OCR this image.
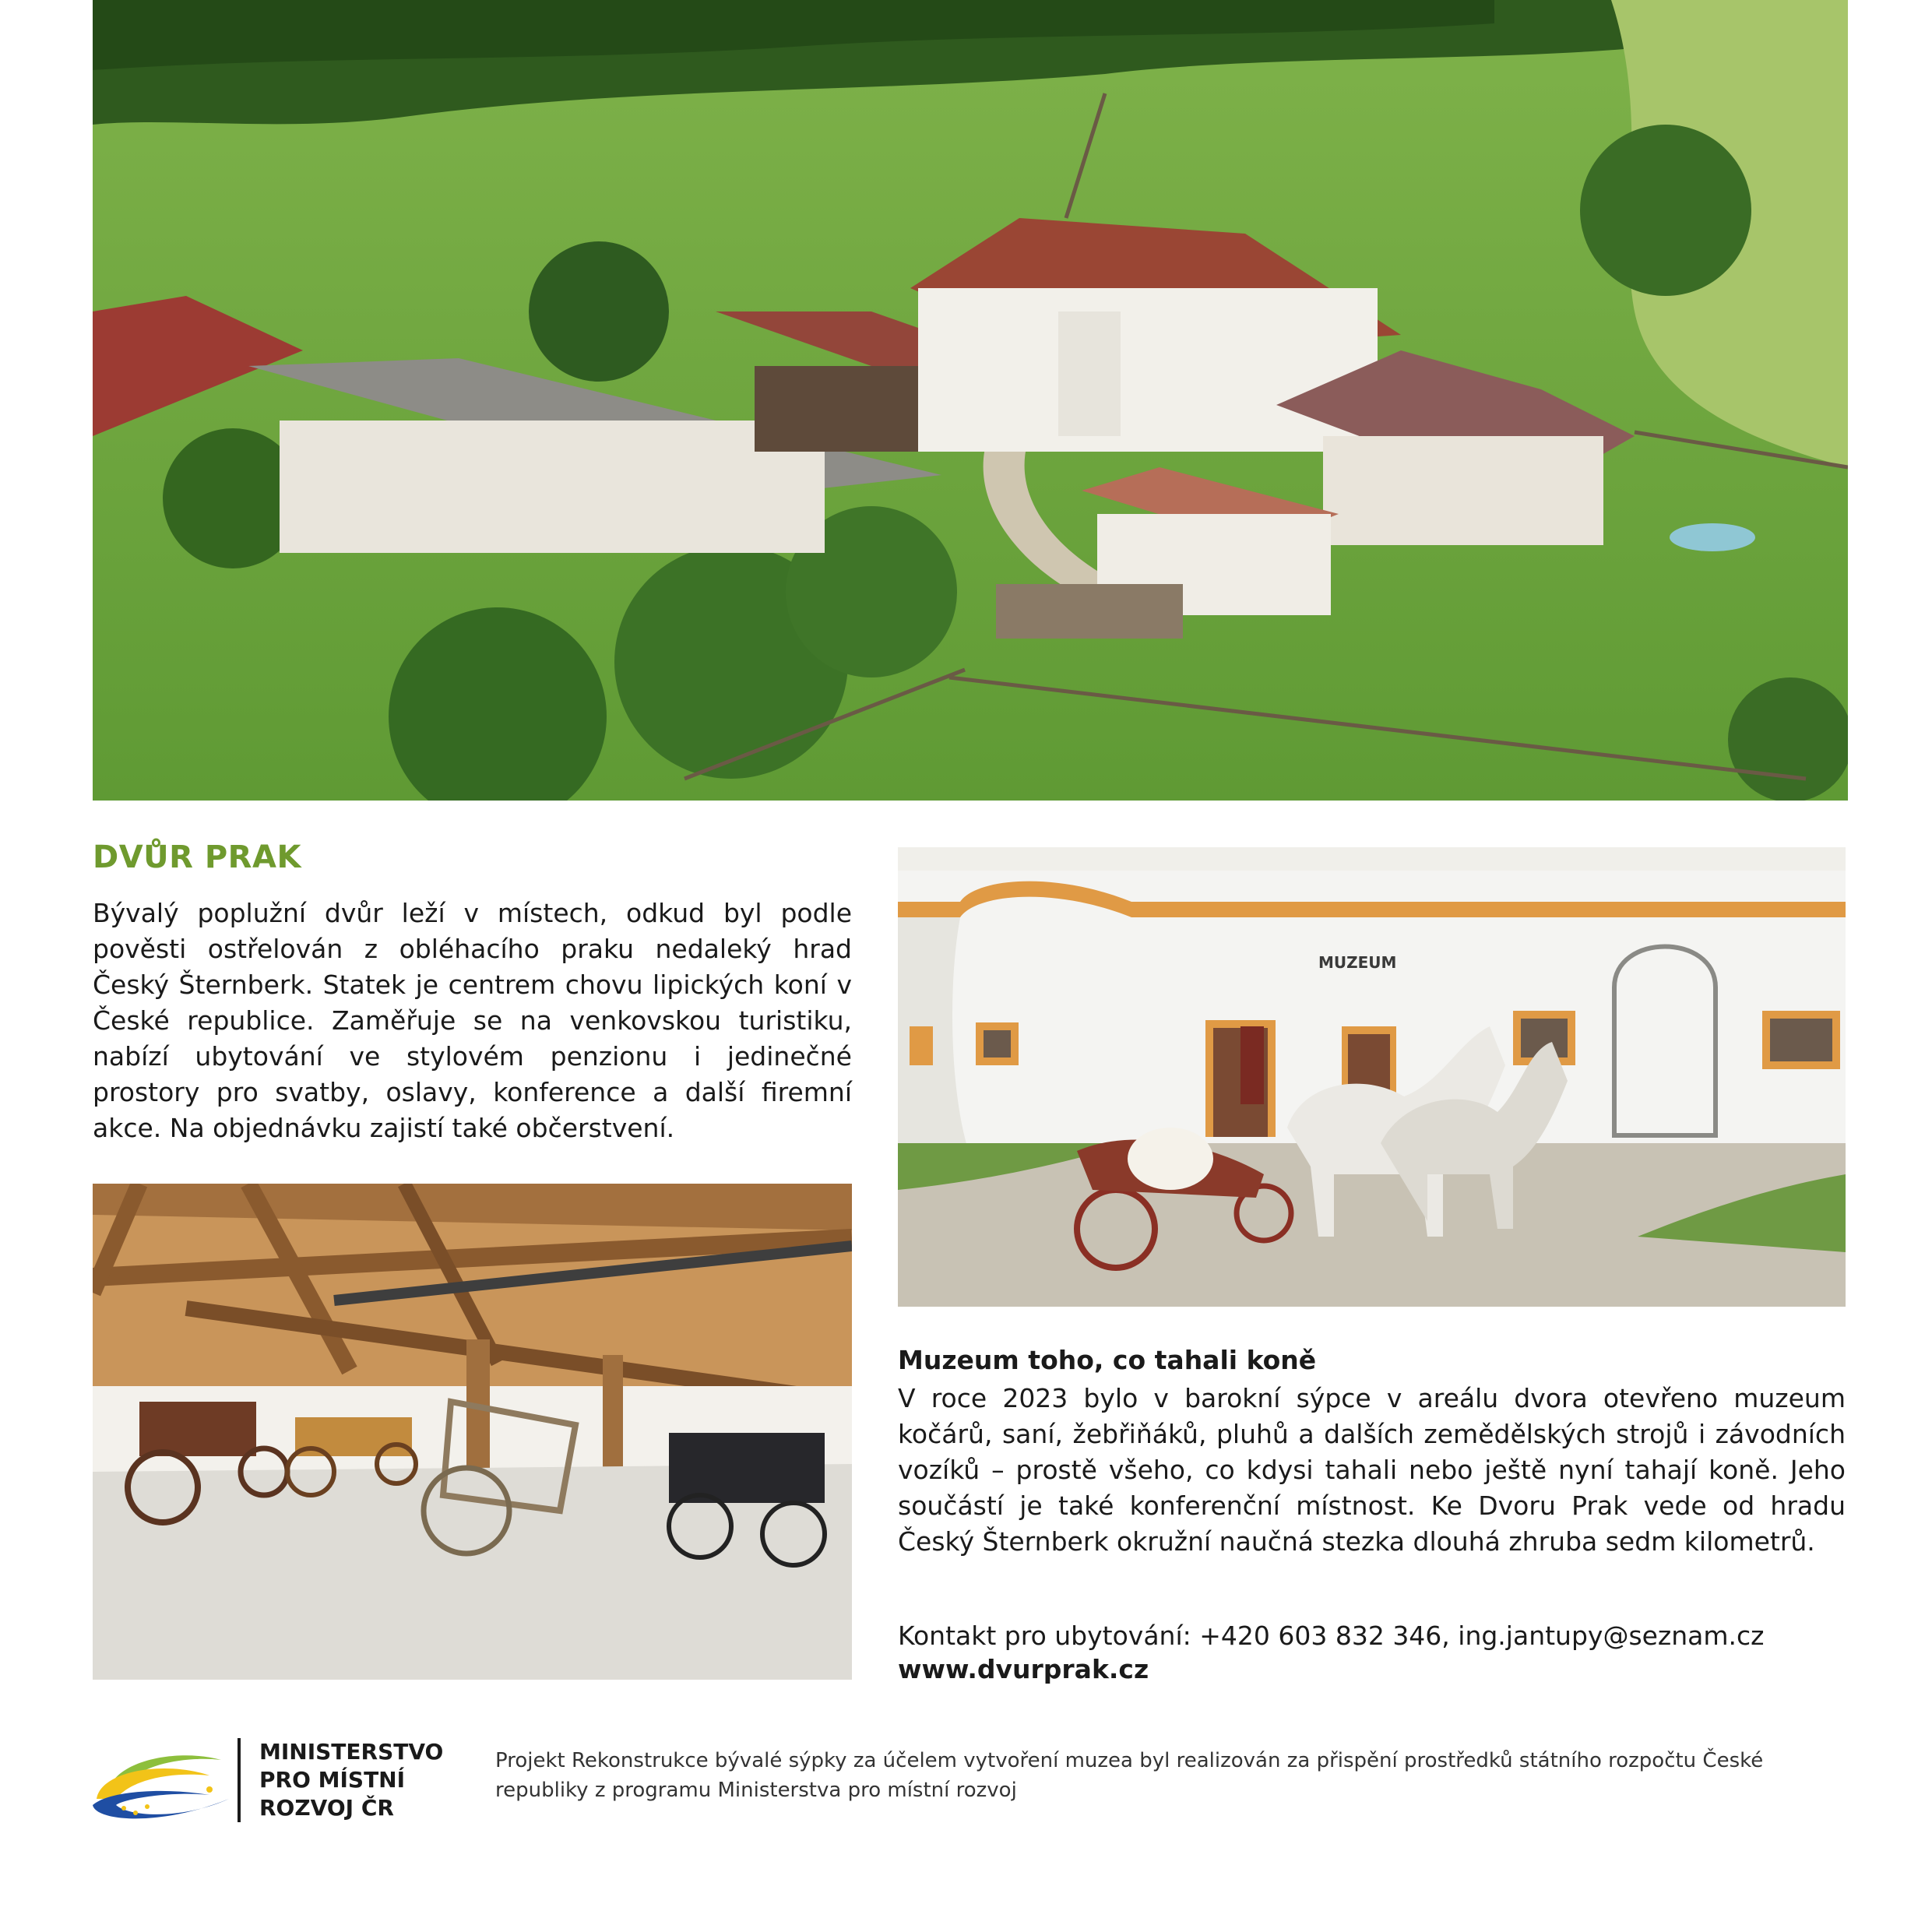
DVŮR PRAK

Bývalý poplužní dvůr leží v místech, odkud byl podle pověsti ostřelován z obléhacího praku nedaleký hrad Český Šternberk. Statek je centrem chovu lipických koní v České republice. Zaměřuje se na venkovskou turistiku, nabízí ubytování ve stylovém penzionu i jedinečné prostory pro svatby, oslavy, konference a další firemní akce. Na objednávku zajistí také občerstvení.

MUZEUM

Muzeum toho, co tahali koně

V roce 2023 bylo v barokní sýpce v areálu dvora otevřeno muzeum kočárů, saní, žebřiňáků, pluhů a dalších zemědělských strojů i závodních vozíků – prostě všeho, co kdysi tahali nebo ještě nyní tahají koně. Jeho součástí je také konferenční místnost. Ke Dvoru Prak vede od hradu Český Šternberk okružní naučná stezka dlouhá zhruba sedm kilometrů.

Kontakt pro ubytování: +420 603 832 346, ing.jantupy@seznam.cz

www.dvurprak.cz

MINISTERSTVO
PRO MÍSTNÍ
ROZVOJ ČR

Projekt Rekonstrukce bývalé sýpky za účelem vytvoření muzea byl realizován za přispění prostředků státního rozpočtu České republiky z programu Ministerstva pro místní rozvoj
